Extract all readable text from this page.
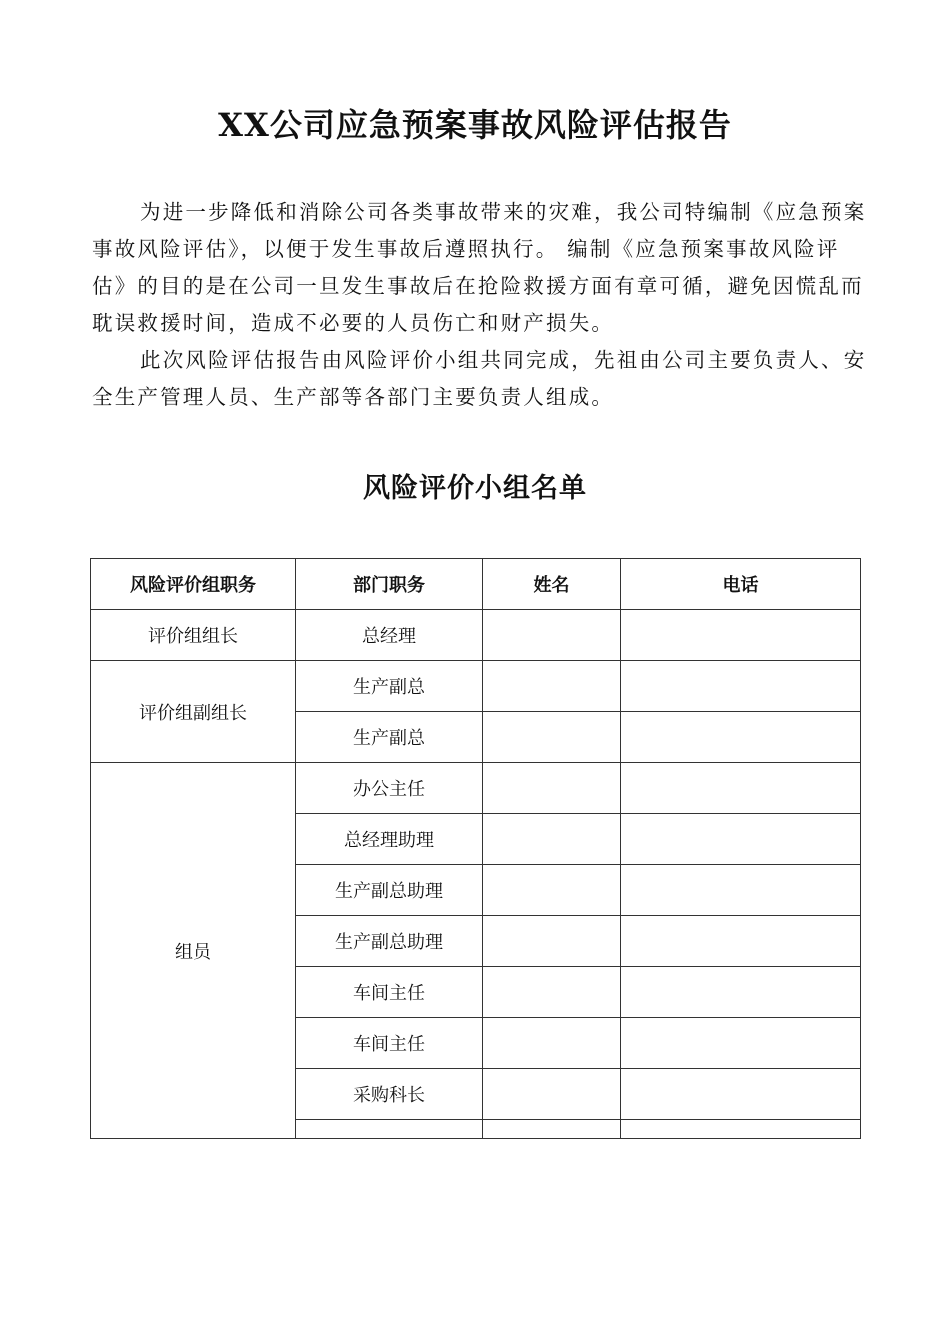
XX公司应急预案事故风险评估报告

为进一步降低和消除公司各类事故带来的灾难，我公司特编制《应急预案事故风险评估》，以便于发生事故后遵照执行。 编制《应急预案事故风险评估》的目的是在公司一旦发生事故后在抢险救援方面有章可循，避免因慌乱而耽误救援时间，造成不必要的人员伤亡和财产损失。

此次风险评估报告由风险评价小组共同完成，先祖由公司主要负责人、安全生产管理人员、生产部等各部门主要负责人组成。

风险评价小组名单
风险评价组职务	部门职务	姓名	电话
评价组组长	总经理		
评价组副组长	生产副总		
	生产副总		
组员	办公主任		
	总经理助理		
	生产副总助理		
	生产副总助理		
	车间主任		
	车间主任		
	采购科长		
